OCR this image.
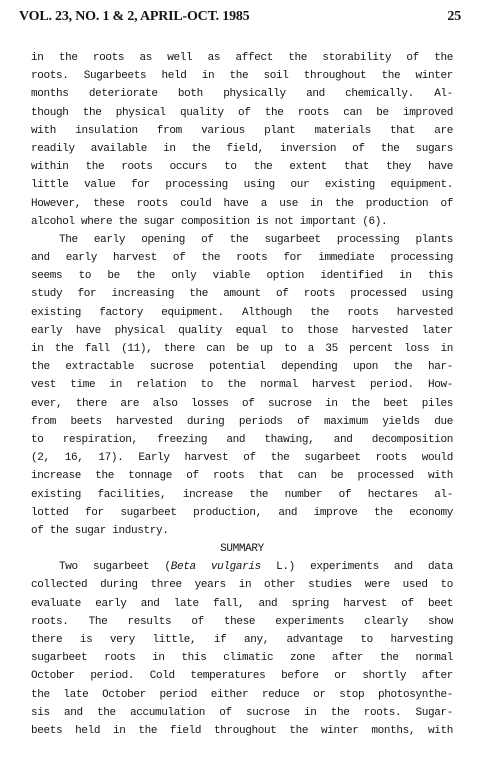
VOL. 23, NO. 1 & 2, APRIL-OCT. 1985	25
in the roots as well as affect the storability of the
roots. Sugarbeets held in the soil throughout the winter
months deteriorate both physically and chemically. Al-
though the physical quality of the roots can be improved
with insulation from various plant materials that are
readily available in the field, inversion of the sugars
within the roots occurs to the extent that they have
little value for processing using our existing equipment.
However, these roots could have a use in the production of
alcohol where the sugar composition is not important (6).
The early opening of the sugarbeet processing plants
and early harvest of the roots for immediate processing
seems to be the only viable option identified in this
study for increasing the amount of roots processed using
existing factory equipment. Although the roots harvested
early have physical quality equal to those harvested later
in the fall (11), there can be up to a 35 percent loss in
the extractable sucrose potential depending upon the har-
vest time in relation to the normal harvest period. How-
ever, there are also losses of sucrose in the beet piles
from beets harvested during periods of maximum yields due
to respiration, freezing and thawing, and decomposition
(2, 16, 17). Early harvest of the sugarbeet roots would
increase the tonnage of roots that can be processed with
existing facilities, increase the number of hectares al-
lotted for sugarbeet production, and improve the economy
of the sugar industry.
SUMMARY
Two sugarbeet (Beta vulgaris L.) experiments and data
collected during three years in other studies were used to
evaluate early and late fall, and spring harvest of beet
roots. The results of these experiments clearly show
there is very little, if any, advantage to harvesting
sugarbeet roots in this climatic zone after the normal
October period. Cold temperatures before or shortly after
the late October period either reduce or stop photosynthe-
sis and the accumulation of sucrose in the roots. Sugar-
beets held in the field throughout the winter months, with
